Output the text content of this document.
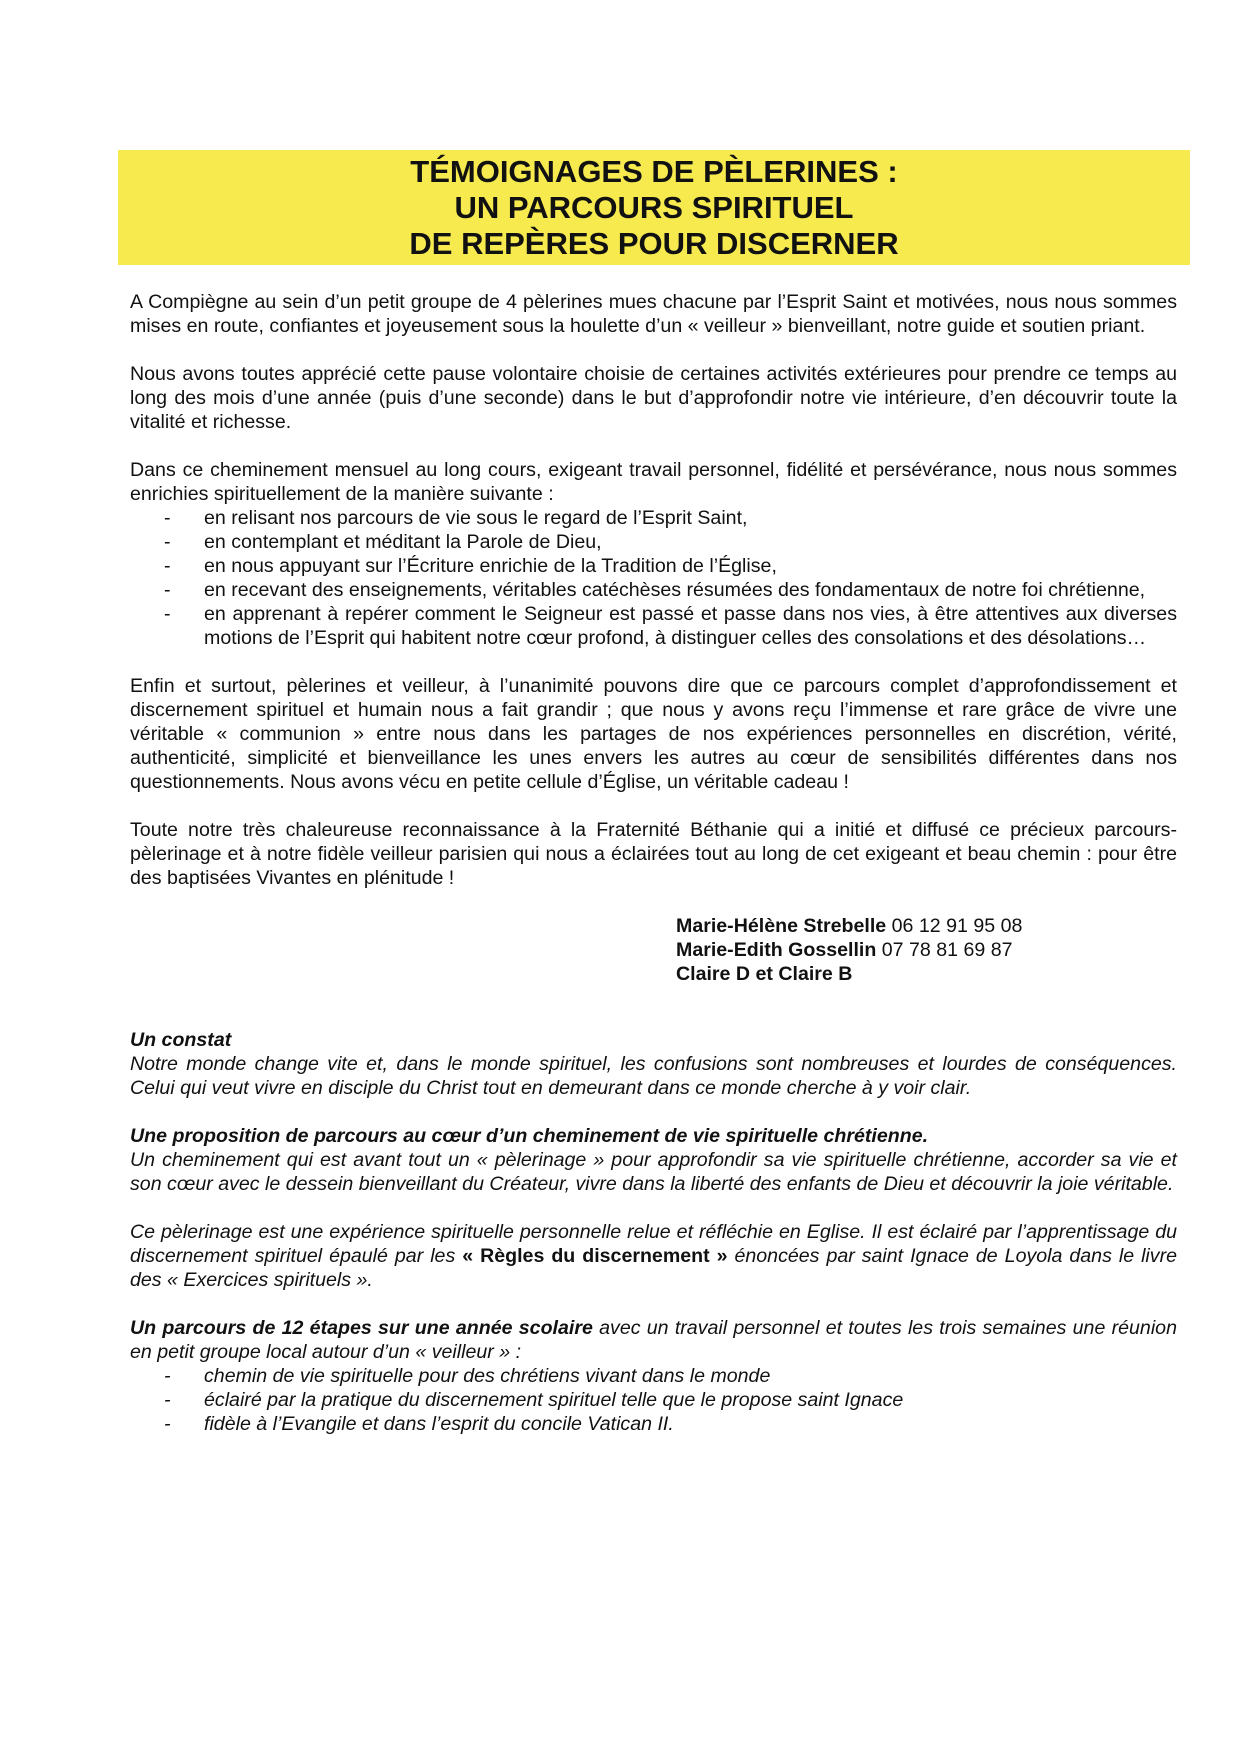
TÉMOIGNAGES DE PÈLERINES :
UN PARCOURS SPIRITUEL
DE REPÈRES POUR DISCERNER

A Compiègne au sein d’un petit groupe de 4 pèlerines mues chacune par l’Esprit Saint et motivées, nous nous sommes mises en route, confiantes et joyeusement sous la houlette d’un « veilleur » bienveillant, notre guide et soutien priant.

Nous avons toutes apprécié cette pause volontaire choisie de certaines activités extérieures pour prendre ce temps au long des mois d’une année (puis d’une seconde) dans le but d’approfondir notre vie intérieure, d’en découvrir toute la vitalité et richesse.

Dans ce cheminement mensuel au long cours, exigeant travail personnel, fidélité et persévérance, nous nous sommes enrichies spirituellement de la manière suivante :

- en relisant nos parcours de vie sous le regard de l’Esprit Saint,
- en contemplant et méditant la Parole de Dieu,
- en nous appuyant sur l’Écriture enrichie de la Tradition de l’Église,
- en recevant des enseignements, véritables catéchèses résumées des fondamentaux de notre foi chrétienne,
- en apprenant à repérer comment le Seigneur est passé et passe dans nos vies, à être attentives aux diverses motions de l’Esprit qui habitent notre cœur profond, à distinguer celles des consolations et des désolations…

Enfin et surtout, pèlerines et veilleur, à l’unanimité pouvons dire que ce parcours complet d’approfondissement et discernement spirituel et humain nous a fait grandir ; que nous y avons reçu l’immense et rare grâce de vivre une véritable « communion » entre nous dans les partages de nos expériences personnelles en discrétion, vérité, authenticité, simplicité et bienveillance les unes envers les autres au cœur de sensibilités différentes dans nos questionnements. Nous avons vécu en petite cellule d’Église, un véritable cadeau !

Toute notre très chaleureuse reconnaissance à la Fraternité Béthanie qui a initié et diffusé ce précieux parcours-pèlerinage et à notre fidèle veilleur parisien qui nous a éclairées tout au long de cet exigeant et beau chemin : pour être des baptisées Vivantes en plénitude !

Marie-Hélène Strebelle 06 12 91 95 08
Marie-Edith Gossellin 07 78 81 69 87
Claire D et Claire B

Un constat
Notre monde change vite et, dans le monde spirituel, les confusions sont nombreuses et lourdes de conséquences. Celui qui veut vivre en disciple du Christ tout en demeurant dans ce monde cherche à y voir clair.

Une proposition de parcours au cœur d’un cheminement de vie spirituelle chrétienne.
Un cheminement qui est avant tout un « pèlerinage » pour approfondir sa vie spirituelle chrétienne, accorder sa vie et son cœur avec le dessein bienveillant du Créateur, vivre dans la liberté des enfants de Dieu et découvrir la joie véritable.

Ce pèlerinage est une expérience spirituelle personnelle relue et réfléchie en Eglise. Il est éclairé par l’apprentissage du discernement spirituel épaulé par les « Règles du discernement » énoncées par saint Ignace de Loyola dans le livre des « Exercices spirituels ».

Un parcours de 12 étapes sur une année scolaire avec un travail personnel et toutes les trois semaines une réunion en petit groupe local autour d’un « veilleur » :

- chemin de vie spirituelle pour des chrétiens vivant dans le monde
- éclairé par la pratique du discernement spirituel telle que le propose saint Ignace
- fidèle à l’Evangile et dans l’esprit du concile Vatican II.
